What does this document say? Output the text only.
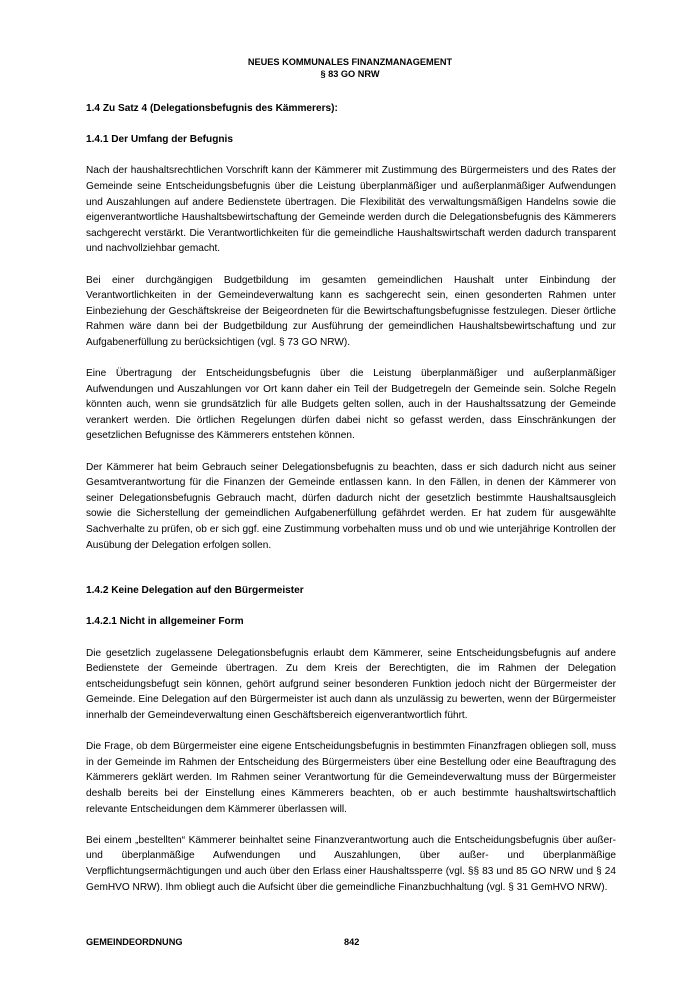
NEUES KOMMUNALES FINANZMANAGEMENT
§ 83 GO NRW

1.4 Zu Satz 4 (Delegationsbefugnis des Kämmerers):

1.4.1 Der Umfang der Befugnis

Nach der haushaltsrechtlichen Vorschrift kann der Kämmerer mit Zustimmung des Bürgermeisters und des Rates der Gemeinde seine Entscheidungsbefugnis über die Leistung überplanmäßiger und außerplanmäßiger Aufwendungen und Auszahlungen auf andere Bedienstete übertragen. Die Flexibilität des verwaltungsmäßigen Handelns sowie die eigenverantwortliche Haushaltsbewirtschaftung der Gemeinde werden durch die Delegationsbefugnis des Kämmerers sachgerecht verstärkt. Die Verantwortlichkeiten für die gemeindliche Haushaltswirtschaft werden dadurch transparent und nachvollziehbar gemacht.

Bei einer durchgängigen Budgetbildung im gesamten gemeindlichen Haushalt unter Einbindung der Verantwortlichkeiten in der Gemeindeverwaltung kann es sachgerecht sein, einen gesonderten Rahmen unter Einbeziehung der Geschäftskreise der Beigeordneten für die Bewirtschaftungsbefugnisse festzulegen. Dieser örtliche Rahmen wäre dann bei der Budgetbildung zur Ausführung der gemeindlichen Haushaltsbewirtschaftung und zur Aufgabenerfüllung zu berücksichtigen (vgl. § 73 GO NRW).

Eine Übertragung der Entscheidungsbefugnis über die Leistung überplanmäßiger und außerplanmäßiger Aufwendungen und Auszahlungen vor Ort kann daher ein Teil der Budgetregeln der Gemeinde sein. Solche Regeln könnten auch, wenn sie grundsätzlich für alle Budgets gelten sollen, auch in der Haushaltssatzung der Gemeinde verankert werden. Die örtlichen Regelungen dürfen dabei nicht so gefasst werden, dass Einschränkungen der gesetzlichen Befugnisse des Kämmerers entstehen können.

Der Kämmerer hat beim Gebrauch seiner Delegationsbefugnis zu beachten, dass er sich dadurch nicht aus seiner Gesamtverantwortung für die Finanzen der Gemeinde entlassen kann. In den Fällen, in denen der Kämmerer von seiner Delegationsbefugnis Gebrauch macht, dürfen dadurch nicht der gesetzlich bestimmte Haushaltsausgleich sowie die Sicherstellung der gemeindlichen Aufgabenerfüllung gefährdet werden. Er hat zudem für ausgewählte Sachverhalte zu prüfen, ob er sich ggf. eine Zustimmung vorbehalten muss und ob und wie unterjährige Kontrollen der Ausübung der Delegation erfolgen sollen.

1.4.2 Keine Delegation auf den Bürgermeister

1.4.2.1 Nicht in allgemeiner Form

Die gesetzlich zugelassene Delegationsbefugnis erlaubt dem Kämmerer, seine Entscheidungsbefugnis auf andere Bedienstete der Gemeinde übertragen. Zu dem Kreis der Berechtigten, die im Rahmen der Delegation entscheidungsbefugt sein können, gehört aufgrund seiner besonderen Funktion jedoch nicht der Bürgermeister der Gemeinde. Eine Delegation auf den Bürgermeister ist auch dann als unzulässig zu bewerten, wenn der Bürgermeister innerhalb der Gemeindeverwaltung einen Geschäftsbereich eigenverantwortlich führt.

Die Frage, ob dem Bürgermeister eine eigene Entscheidungsbefugnis in bestimmten Finanzfragen obliegen soll, muss in der Gemeinde im Rahmen der Entscheidung des Bürgermeisters über eine Bestellung oder eine Beauftragung des Kämmerers geklärt werden. Im Rahmen seiner Verantwortung für die Gemeindeverwaltung muss der Bürgermeister deshalb bereits bei der Einstellung eines Kämmerers beachten, ob er auch bestimmte haushaltswirtschaftlich relevante Entscheidungen dem Kämmerer überlassen will.

Bei einem „bestellten“ Kämmerer beinhaltet seine Finanzverantwortung auch die Entscheidungsbefugnis über außer- und überplanmäßige Aufwendungen und Auszahlungen, über außer- und überplanmäßige Verpflichtungsermächtigungen und auch über den Erlass einer Haushaltssperre (vgl. §§ 83 und 85 GO NRW und § 24 GemHVO NRW). Ihm obliegt auch die Aufsicht über die gemeindliche Finanzbuchhaltung (vgl. § 31 GemHVO NRW).

GEMEINDEORDNUNG	842
